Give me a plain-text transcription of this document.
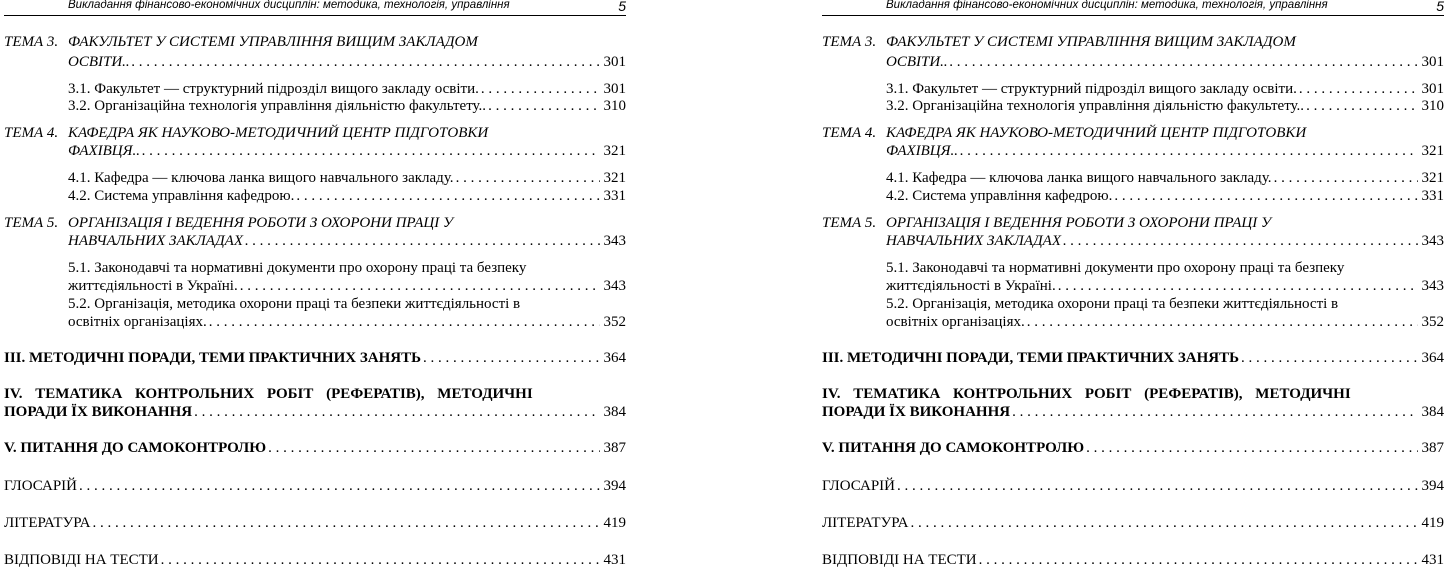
Викладання фінансово-економічних дисциплін: методика, технологія, управління	5
ТЕМА 3. ФАКУЛЬТЕТ У СИСТЕМІ УПРАВЛІННЯ ВИЩИМ ЗАКЛАДОМ
ОСВІТИ.. . . .	301
3.1. Факультет — структурний підрозділ вищого закладу освіти. . . .	301
3.2. Організаційна технологія управління діяльністю факультету.. . . .	310
ТЕМА 4. КАФЕДРА ЯК НАУКОВО-МЕТОДИЧНИЙ ЦЕНТР ПІДГОТОВКИ
ФАХІВЦЯ.. . . .	321
4.1. Кафедра — ключова ланка вищого навчального закладу. . . .	321
4.2. Система управління кафедрою. . . .	331
ТЕМА 5. ОРГАНІЗАЦІЯ І ВЕДЕННЯ РОБОТИ З ОХОРОНИ ПРАЦІ У
НАВЧАЛЬНИХ ЗАКЛАДАХ . . .	343
5.1. Законодавчі та нормативні документи про охорону праці та безпеку
життєдіяльності в Україні. . . .	343
5.2. Організація, методика охорони праці та безпеки життєдіяльності в
освітніх організаціях. . . .	352
ІІІ. МЕТОДИЧНІ ПОРАДИ, ТЕМИ ПРАКТИЧНИХ ЗАНЯТЬ . . .	364
IV. ТЕМАТИКА КОНТРОЛЬНИХ РОБІТ (РЕФЕРАТІВ), МЕТОДИЧНІ
ПОРАДИ ЇХ ВИКОНАННЯ . . .	384
V. ПИТАННЯ ДО САМОКОНТРОЛЮ . . .	387
ГЛОСАРІЙ . . .	394
ЛІТЕРАТУРА . . .	419
ВІДПОВІДІ НА ТЕСТИ . . .	431
Викладання фінансово-економічних дисциплін: методика, технологія, управління	5
ТЕМА 3. ФАКУЛЬТЕТ У СИСТЕМІ УПРАВЛІННЯ ВИЩИМ ЗАКЛАДОМ
ОСВІТИ.. . . .	301
3.1. Факультет — структурний підрозділ вищого закладу освіти. . . .	301
3.2. Організаційна технологія управління діяльністю факультету.. . . .	310
ТЕМА 4. КАФЕДРА ЯК НАУКОВО-МЕТОДИЧНИЙ ЦЕНТР ПІДГОТОВКИ
ФАХІВЦЯ.. . . .	321
4.1. Кафедра — ключова ланка вищого навчального закладу. . . .	321
4.2. Система управління кафедрою. . . .	331
ТЕМА 5. ОРГАНІЗАЦІЯ І ВЕДЕННЯ РОБОТИ З ОХОРОНИ ПРАЦІ У
НАВЧАЛЬНИХ ЗАКЛАДАХ . . .	343
5.1. Законодавчі та нормативні документи про охорону праці та безпеку
життєдіяльності в Україні. . . .	343
5.2. Організація, методика охорони праці та безпеки життєдіяльності в
освітніх організаціях. . . .	352
ІІІ. МЕТОДИЧНІ ПОРАДИ, ТЕМИ ПРАКТИЧНИХ ЗАНЯТЬ . . .	364
IV. ТЕМАТИКА КОНТРОЛЬНИХ РОБІТ (РЕФЕРАТІВ), МЕТОДИЧНІ
ПОРАДИ ЇХ ВИКОНАННЯ . . .	384
V. ПИТАННЯ ДО САМОКОНТРОЛЮ . . .	387
ГЛОСАРІЙ . . .	394
ЛІТЕРАТУРА . . .	419
ВІДПОВІДІ НА ТЕСТИ . . .	431
